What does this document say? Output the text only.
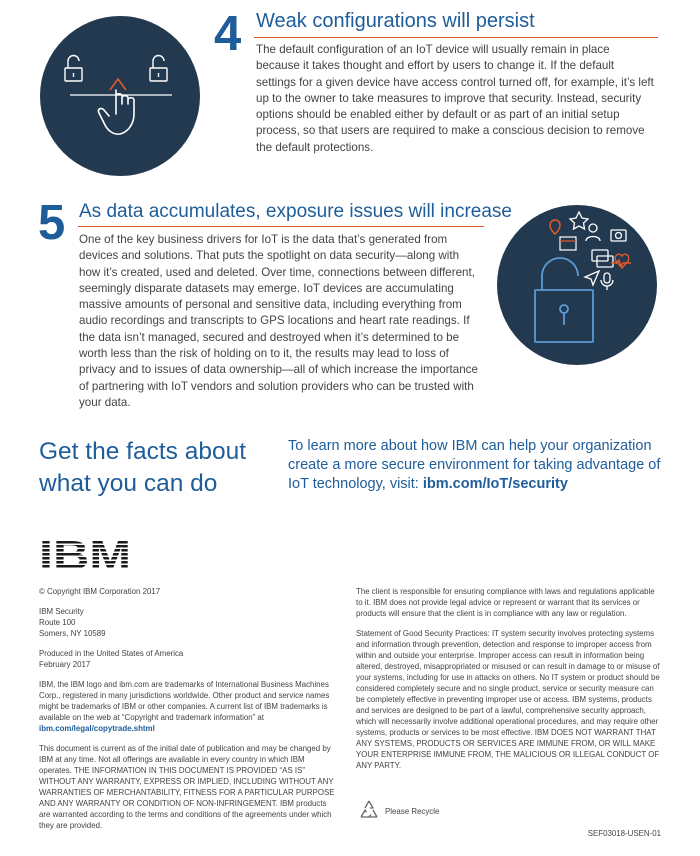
4 Weak configurations will persist

The default configuration of an IoT device will usually remain in place because it takes thought and effort by users to change it. If the default settings for a given device have access control turned off, for example, it’s left up to the owner to take measures to improve that security. Instead, security options should be enabled either by default or as part of an initial setup process, so that users are required to make a conscious decision to remove the default protections.

5 As data accumulates, exposure issues will increase

One of the key business drivers for IoT is the data that’s generated from devices and solutions. That puts the spotlight on data security—along with how it’s created, used and deleted. Over time, connections between different, seemingly disparate datasets may emerge. IoT devices are accumulating massive amounts of personal and sensitive data, including everything from audio recordings and transcripts to GPS locations and heart rate readings. If the data isn’t managed, secured and destroyed when it’s determined to be worth less than the risk of holding on to it, the results may lead to loss of privacy and to issues of data ownership—all of which increase the importance of partnering with IoT vendors and solution providers who can be trusted with your data.

Get the facts about
what you can do
To learn more about how IBM can help your organization create a more secure environment for taking advantage of IoT technology, visit: ibm.com/IoT/security

© Copyright IBM Corporation 2017

IBM Security

Route 100

Somers, NY 10589

Produced in the United States of America

February 2017

IBM, the IBM logo and ibm.com are trademarks of International Business Machines Corp., registered in many jurisdictions worldwide. Other product and service names might be trademarks of IBM or other companies. A current list of IBM trademarks is available on the web at “Copyright and trademark information” at ibm.com/legal/copytrade.shtml

This document is current as of the initial date of publication and may be changed by IBM at any time. Not all offerings are available in every country in which IBM operates. THE INFORMATION IN THIS DOCUMENT IS PROVIDED “AS IS” WITHOUT ANY WARRANTY, EXPRESS OR IMPLIED, INCLUDING WITHOUT ANY WARRANTIES OF MERCHANTABILITY, FITNESS FOR A PARTICULAR PURPOSE AND ANY WARRANTY OR CONDITION OF NON-INFRINGEMENT. IBM products are warranted according to the terms and conditions of the agreements under which they are provided.

The client is responsible for ensuring compliance with laws and regulations applicable to it. IBM does not provide legal advice or represent or warrant that its services or products will ensure that the client is in compliance with any law or regulation.

Statement of Good Security Practices: IT system security involves protecting systems and information through prevention, detection and response to improper access from within and outside your enterprise. Improper access can result in information being altered, destroyed, misappropriated or misused or can result in damage to or misuse of your systems, including for use in attacks on others. No IT system or product should be considered completely secure and no single product, service or security measure can be completely effective in preventing improper use or access. IBM systems, products and services are designed to be part of a lawful, comprehensive security approach, which will necessarily involve additional operational procedures, and may require other systems, products or services to be most effective. IBM DOES NOT WARRANT THAT ANY SYSTEMS, PRODUCTS OR SERVICES ARE IMMUNE FROM, OR WILL MAKE YOUR ENTERPRISE IMMUNE FROM, THE MALICIOUS OR ILLEGAL CONDUCT OF ANY PARTY.

Please Recycle
SEF03018-USEN-01
